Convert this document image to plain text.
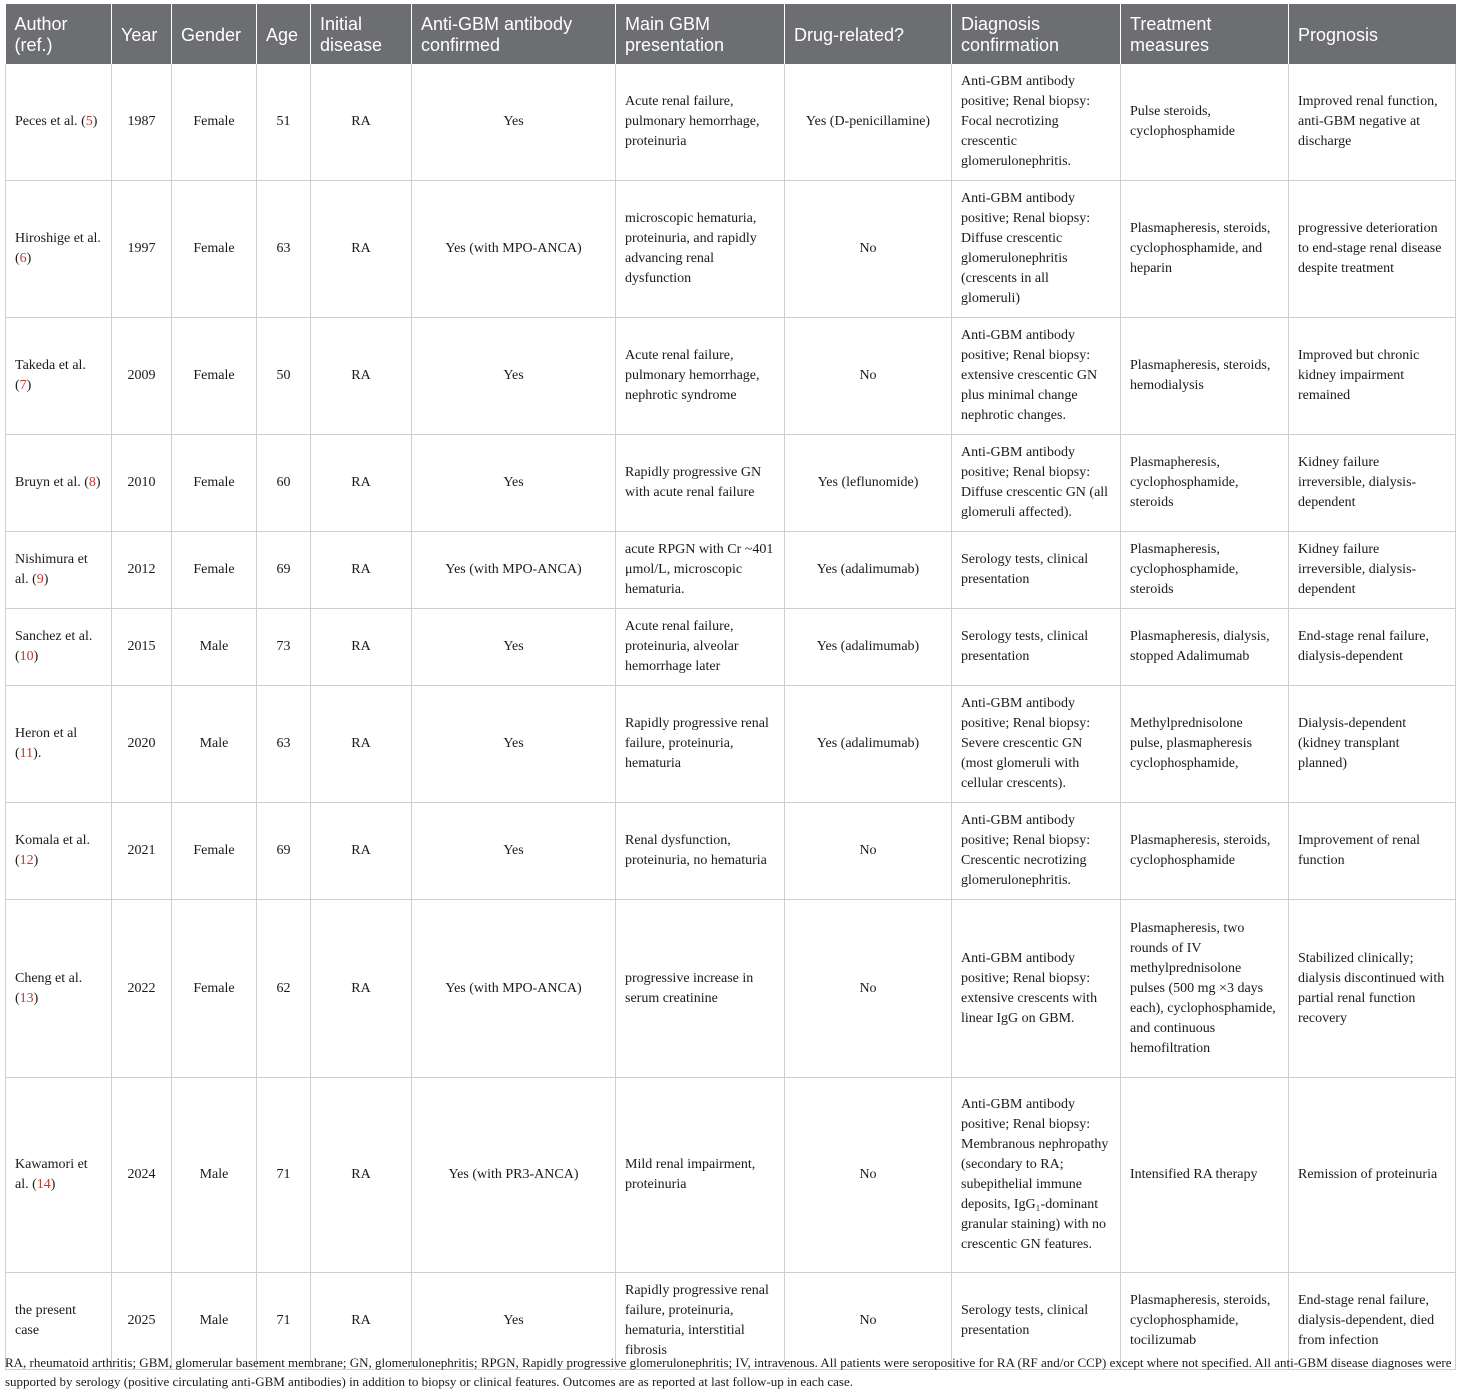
Author (ref.)	Year	Gender	Age	Initial disease	Anti-GBM antibody confirmed	Main GBM presentation	Drug-related?	Diagnosis confirmation	Treatment measures	Prognosis
Peces et al. (5)	1987	Female	51	RA	Yes	Acute renal failure, pulmonary hemorrhage, proteinuria	Yes (D-penicillamine)	Anti-GBM antibody positive; Renal biopsy: Focal necrotizing crescentic glomerulonephritis.	Pulse steroids, cyclophosphamide	Improved renal function, anti-GBM negative at discharge
Hiroshige et al. (6)	1997	Female	63	RA	Yes (with MPO-ANCA)	microscopic hematuria, proteinuria, and rapidly advancing renal dysfunction	No	Anti-GBM antibody positive; Renal biopsy: Diffuse crescentic glomerulonephritis (crescents in all glomeruli)	Plasmapheresis, steroids, cyclophosphamide, and heparin	progressive deterioration to end-stage renal disease despite treatment
Takeda et al. (7)	2009	Female	50	RA	Yes	Acute renal failure, pulmonary hemorrhage, nephrotic syndrome	No	Anti-GBM antibody positive; Renal biopsy: extensive crescentic GN plus minimal change nephrotic changes.	Plasmapheresis, steroids, hemodialysis	Improved but chronic kidney impairment remained
Bruyn et al. (8)	2010	Female	60	RA	Yes	Rapidly progressive GN with acute renal failure	Yes (leflunomide)	Anti-GBM antibody positive; Renal biopsy: Diffuse crescentic GN (all glomeruli affected).	Plasmapheresis, cyclophosphamide, steroids	Kidney failure irreversible, dialysis-dependent
Nishimura et al. (9)	2012	Female	69	RA	Yes (with MPO-ANCA)	acute RPGN with Cr ~401 μmol/L, microscopic hematuria.	Yes (adalimumab)	Serology tests, clinical presentation	Plasmapheresis, cyclophosphamide, steroids	Kidney failure irreversible, dialysis-dependent
Sanchez et al. (10)	2015	Male	73	RA	Yes	Acute renal failure, proteinuria, alveolar hemorrhage later	Yes (adalimumab)	Serology tests, clinical presentation	Plasmapheresis, dialysis, stopped Adalimumab	End-stage renal failure, dialysis-dependent
Heron et al (11).	2020	Male	63	RA	Yes	Rapidly progressive renal failure, proteinuria, hematuria	Yes (adalimumab)	Anti-GBM antibody positive; Renal biopsy: Severe crescentic GN (most glomeruli with cellular crescents).	Methylprednisolone pulse, plasmapheresis cyclophosphamide,	Dialysis-dependent (kidney transplant planned)
Komala et al. (12)	2021	Female	69	RA	Yes	Renal dysfunction, proteinuria, no hematuria	No	Anti-GBM antibody positive; Renal biopsy: Crescentic necrotizing glomerulonephritis.	Plasmapheresis, steroids, cyclophosphamide	Improvement of renal function
Cheng et al. (13)	2022	Female	62	RA	Yes (with MPO-ANCA)	progressive increase in serum creatinine	No	Anti-GBM antibody positive; Renal biopsy: extensive crescents with linear IgG on GBM.	Plasmapheresis, two rounds of IV methylprednisolone pulses (500 mg ×3 days each), cyclophosphamide, and continuous hemofiltration	Stabilized clinically; dialysis discontinued with partial renal function recovery
Kawamori et al. (14)	2024	Male	71	RA	Yes (with PR3-ANCA)	Mild renal impairment, proteinuria	No	Anti-GBM antibody positive; Renal biopsy: Membranous nephropathy (secondary to RA; subepithelial immune deposits, IgG₁-dominant granular staining) with no crescentic GN features.	Intensified RA therapy	Remission of proteinuria
the present case	2025	Male	71	RA	Yes	Rapidly progressive renal failure, proteinuria, hematuria, interstitial fibrosis	No	Serology tests, clinical presentation	Plasmapheresis, steroids, cyclophosphamide, tocilizumab	End-stage renal failure, dialysis-dependent, died from infection
RA, rheumatoid arthritis; GBM, glomerular basement membrane; GN, glomerulonephritis; RPGN, Rapidly progressive glomerulonephritis; IV, intravenous. All patients were seropositive for RA (RF and/or CCP) except where not specified. All anti-GBM disease diagnoses were supported by serology (positive circulating anti-GBM antibodies) in addition to biopsy or clinical features. Outcomes are as reported at last follow-up in each case.
